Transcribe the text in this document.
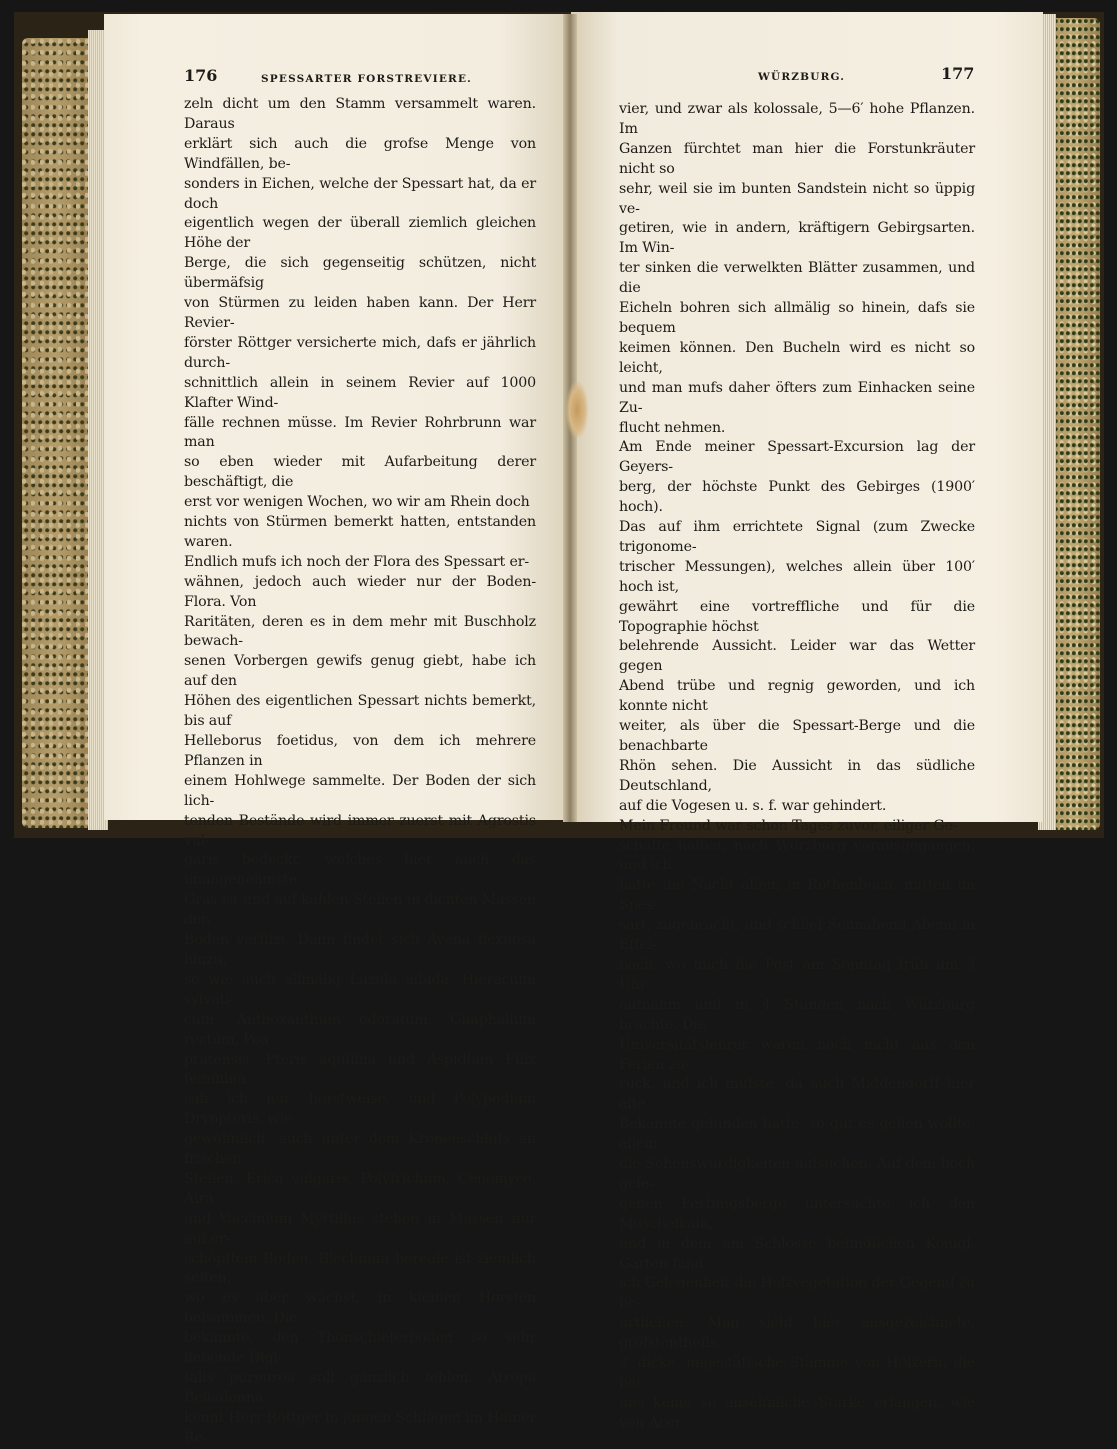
176	SPESSARTER FORSTREVIERE.

zeln dicht um den Stamm versammelt waren. Daraus
erklärt sich auch die grofse Menge von Windfällen, be-
sonders in Eichen, welche der Spessart hat, da er doch
eigentlich wegen der überall ziemlich gleichen Höhe der
Berge, die sich gegenseitig schützen, nicht übermäfsig
von Stürmen zu leiden haben kann. Der Herr Revier-
förster Röttger versicherte mich, dafs er jährlich durch-
schnittlich allein in seinem Revier auf 1000 Klafter Wind-
fälle rechnen müsse. Im Revier Rohrbrunn war man
so eben wieder mit Aufarbeitung derer beschäftigt, die
erst vor wenigen Wochen, wo wir am Rhein doch
nichts von Stürmen bemerkt hatten, entstanden waren.
Endlich mufs ich noch der Flora des Spessart er-
wähnen, jedoch auch wieder nur der Boden-Flora. Von
Raritäten, deren es in dem mehr mit Buschholz bewach-
senen Vorbergen gewifs genug giebt, habe ich auf den
Höhen des eigentlichen Spessart nichts bemerkt, bis auf
Helleborus foetidus, von dem ich mehrere Pflanzen in
einem Hohlwege sammelte. Der Boden der sich lich-
tenden Bestände wird immer zuerst mit Agrostis vul-
garis bedeckt, welches hier auch das unangenehmste
Gras ist und auf kahlen Stellen in dichten Massen den
Boden verfilzt. Dann findet sich Avena flexuosa hinzu,
so wie auch allmälig Luzula albida, Hieracium sylvati-
cum, Anthoxanthum odoratum, Gnaphalium rectum, Poa
pratensis. Pteris aquilina und Aspidium Filix feminina
sah ich nur horstweise, und Polypodium Dryopteris, wie
gewöhnlich, auch unter dem Kronenschlufs an frischen
Stellen. Erica vulgaris, Polytrichum, Cenomyce, Aira
und Vaccinium Myrtillus stehen in Massen nur auf er-
schöpftem Boden. Blechnum boreale ist ziemlich selten,
wo es aber wächst, in kleinen Horsten beisammen. Die
bekannte, den Thonschieferboden so sehr liebende Digi-
talis purpurea soll gänzlich fehlen. Atropa Belladonna
kennt Herr Röttger in jungen Schlägen im Hainer Re-

WÜRZBURG.	177

vier, und zwar als kolossale, 5—6′ hohe Pflanzen. Im
Ganzen fürchtet man hier die Forstunkräuter nicht so
sehr, weil sie im bunten Sandstein nicht so üppig ve-
getiren, wie in andern, kräftigern Gebirgsarten. Im Win-
ter sinken die verwelkten Blätter zusammen, und die
Eicheln bohren sich allmälig so hinein, dafs sie bequem
keimen können. Den Bucheln wird es nicht so leicht,
und man mufs daher öfters zum Einhacken seine Zu-
flucht nehmen.
Am Ende meiner Spessart-Excursion lag der Geyers-
berg, der höchste Punkt des Gebirges (1900′ hoch).
Das auf ihm errichtete Signal (zum Zwecke trigonome-
trischer Messungen), welches allein über 100′ hoch ist,
gewährt eine vortreffliche und für die Topographie höchst
belehrende Aussicht. Leider war das Wetter gegen
Abend trübe und regnig geworden, und ich konnte nicht
weiter, als über die Spessart-Berge und die benachbarte
Rhön sehen. Die Aussicht in das südliche Deutschland,
auf die Vogesen u. s. f. war gehindert.
Mein Freund war schon Tages zuvor, eiliger Ge-
schäfte halber, nach Würzburg vorausgegangen, und ich
hatte die Nacht allein in Rothenbuch, mitten im Spes-
sart, zugebracht, und schlief Sonnabend Abend in Effel-
bach, wo mich die Post am Sonntag früh um 3 Uhr
aufnahm und in 4 Stunden nach Würzburg brachte. Die
Universitätslehrer waren noch nicht aus den Ferien zu-
rück, und ich mufste, da auch Middendorff hier alte
Bekannte gefunden hatte, so gut es gehen wollte, allein
die Sehenswürdigkeiten aufsuchen. Auf dem hoch gele-
genen Festungsberge untersuchte ich den Muschelkalk,
und in dem am Schlosse befindlichen Königl. Garten fand
ich Gelegenheit die Holzvegetation der Gegend zu be-
urtheilen. Man sieht hier ausgezeichnete, gröfstentheils
3′ dicke, majestätische Stämme von Hölzern, die bei
uns keine so ansehnliche Stärke erlangen, wie von Acer
